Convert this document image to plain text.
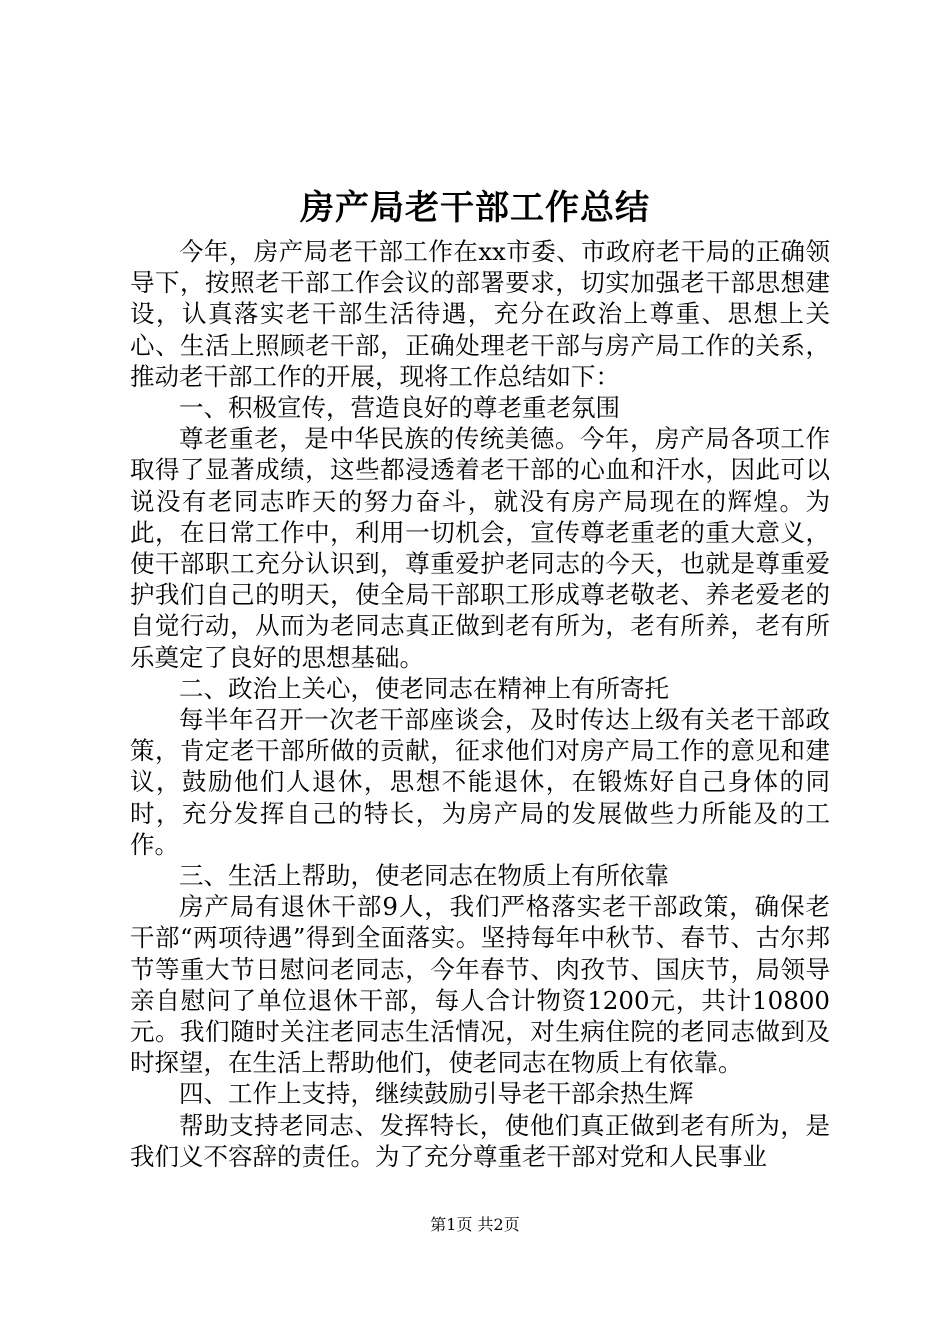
房产局老干部工作总结

今年，房产局老干部工作在xx市委、市政府老干局的正确领导下，按照老干部工作会议的部署要求，切实加强老干部思想建设，认真落实老干部生活待遇，充分在政治上尊重、思想上关心、生活上照顾老干部，正确处理老干部与房产局工作的关系，推动老干部工作的开展，现将工作总结如下：

一、积极宣传，营造良好的尊老重老氛围

尊老重老，是中华民族的传统美德。今年，房产局各项工作取得了显著成绩，这些都浸透着老干部的心血和汗水，因此可以说没有老同志昨天的努力奋斗，就没有房产局现在的辉煌。为此，在日常工作中，利用一切机会，宣传尊老重老的重大意义，使干部职工充分认识到，尊重爱护老同志的今天，也就是尊重爱护我们自己的明天，使全局干部职工形成尊老敬老、养老爱老的自觉行动，从而为老同志真正做到老有所为，老有所养，老有所乐奠定了良好的思想基础。

二、政治上关心，使老同志在精神上有所寄托

每半年召开一次老干部座谈会，及时传达上级有关老干部政策，肯定老干部所做的贡献，征求他们对房产局工作的意见和建议，鼓励他们人退休，思想不能退休，在锻炼好自己身体的同时，充分发挥自己的特长，为房产局的发展做些力所能及的工作。

三、生活上帮助，使老同志在物质上有所依靠

房产局有退休干部9人，我们严格落实老干部政策，确保老干部“两项待遇”得到全面落实。坚持每年中秋节、春节、古尔邦节等重大节日慰问老同志，今年春节、肉孜节、国庆节，局领导亲自慰问了单位退休干部，每人合计物资1200元，共计10800元。我们随时关注老同志生活情况，对生病住院的老同志做到及时探望，在生活上帮助他们，使老同志在物质上有依靠。

四、工作上支持，继续鼓励引导老干部余热生辉

帮助支持老同志、发挥特长，使他们真正做到老有所为，是我们义不容辞的责任。为了充分尊重老干部对党和人民事业

第1页 共2页
